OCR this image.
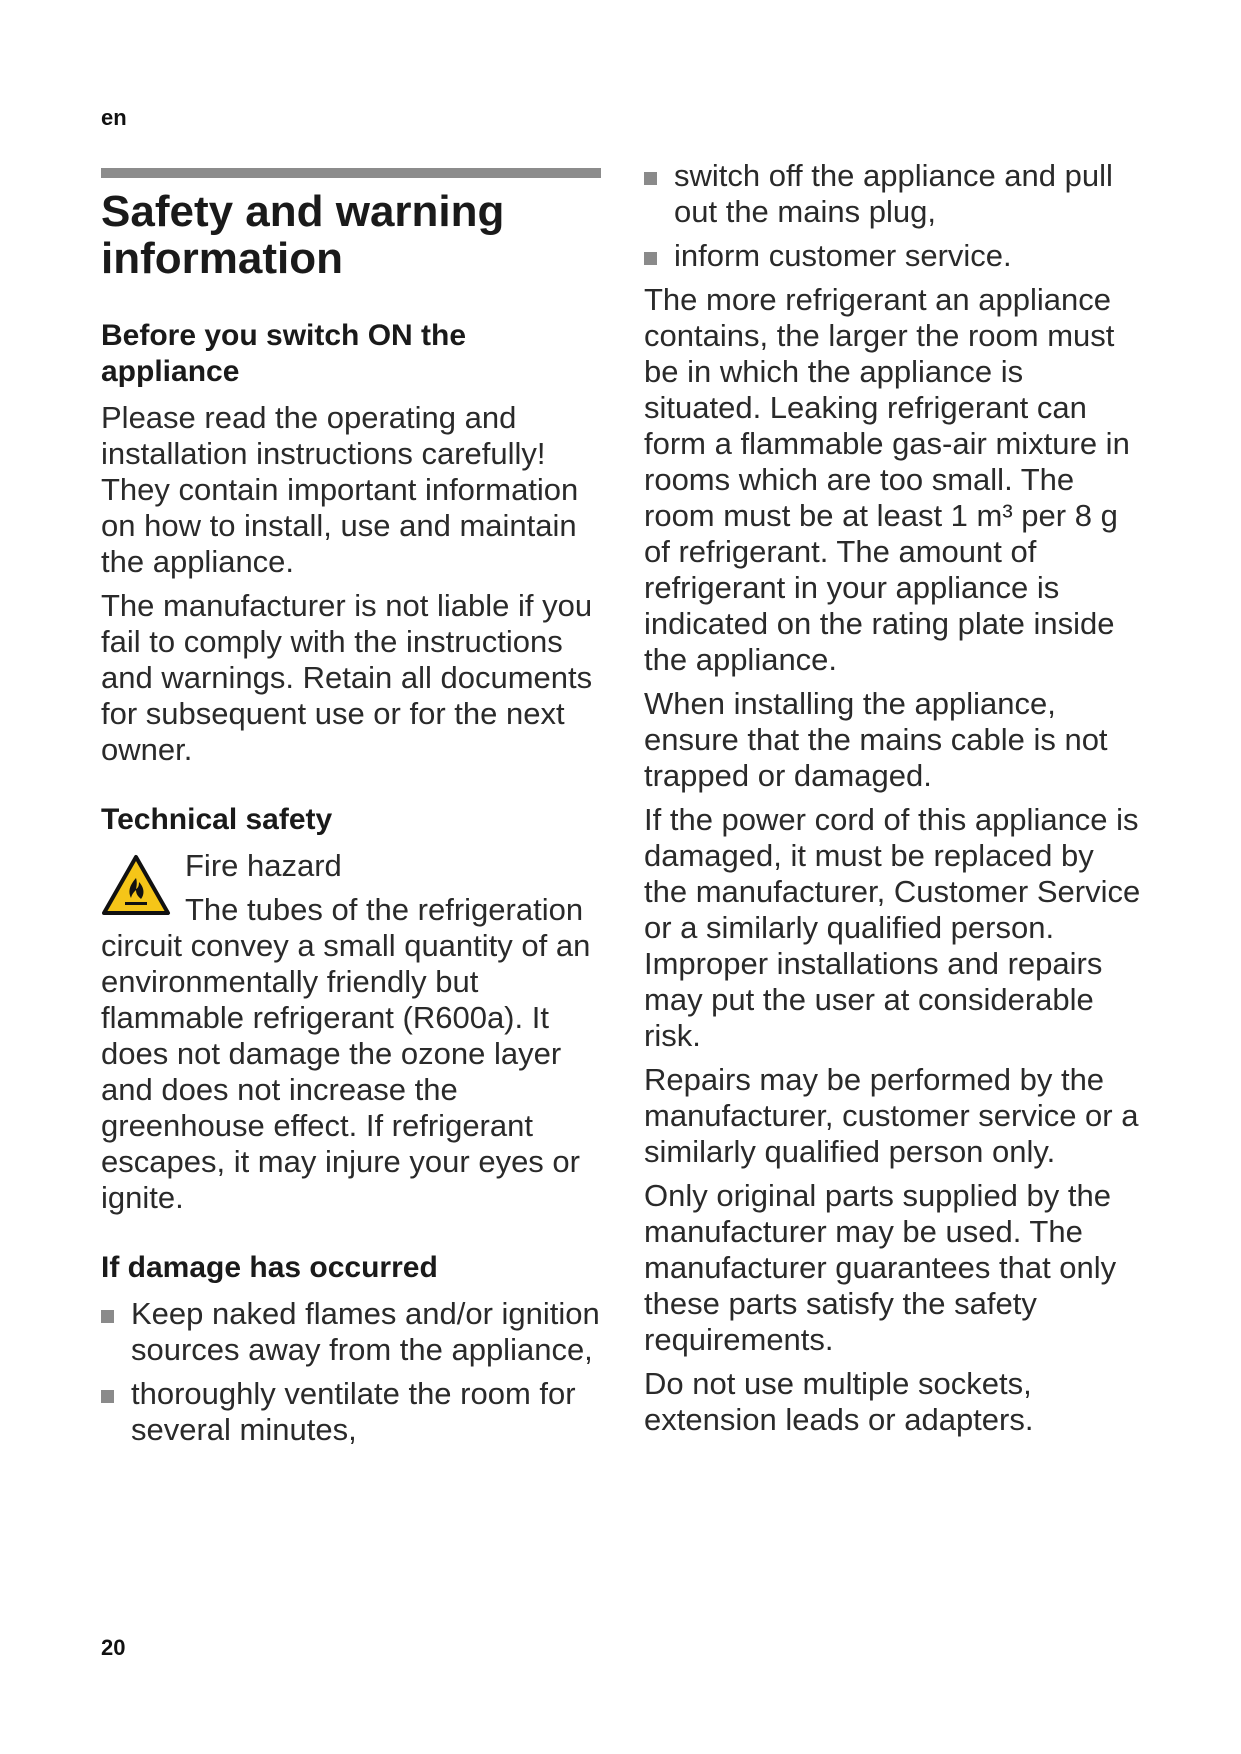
en
Safety and warning information
Before you switch ON the appliance

Please read the operating and installation instructions carefully! They contain important information on how to install, use and maintain the appliance.

The manufacturer is not liable if you fail to comply with the instructions and warnings. Retain all documents for subsequent use or for the next owner.

Technical safety

Fire hazard

The tubes of the refrigeration circuit convey a small quantity of an environmentally friendly but flammable refrigerant (R600a). It does not damage the ozone layer and does not increase the greenhouse effect. If refrigerant escapes, it may injure your eyes or ignite.

If damage has occurred
Keep naked flames and/or ignition sources away from the appliance,
thoroughly ventilate the room for several minutes,
switch off the appliance and pull out the mains plug,
inform customer service.

The more refrigerant an appliance contains, the larger the room must be in which the appliance is situated. Leaking refrigerant can form a flammable gas-air mixture in rooms which are too small. The room must be at least 1 m³ per 8 g of refrigerant. The amount of refrigerant in your appliance is indicated on the rating plate inside the appliance.

When installing the appliance, ensure that the mains cable is not trapped or damaged.

If the power cord of this appliance is damaged, it must be replaced by the manufacturer, Customer Service or a similarly qualified person. Improper installations and repairs may put the user at considerable risk.

Repairs may be performed by the manufacturer, customer service or a similarly qualified person only.

Only original parts supplied by the manufacturer may be used. The manufacturer guarantees that only these parts satisfy the safety requirements.

Do not use multiple sockets, extension leads or adapters.

20
